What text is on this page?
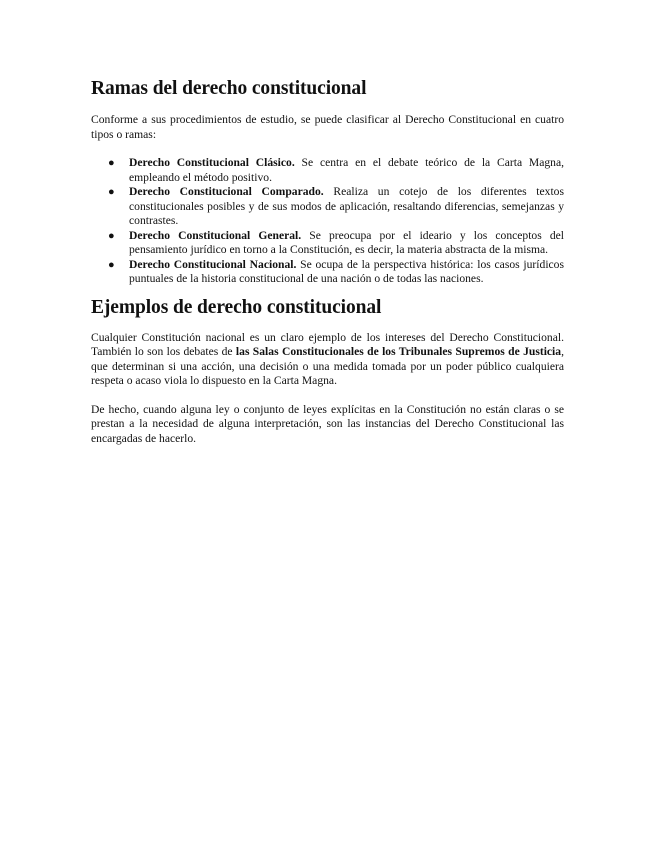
Ramas del derecho constitucional

Conforme a sus procedimientos de estudio, se puede clasificar al Derecho Constitucional en cuatro tipos o ramas:

● Derecho Constitucional Clásico. Se centra en el debate teórico de la Carta Magna, empleando el método positivo.
● Derecho Constitucional Comparado. Realiza un cotejo de los diferentes textos constitucionales posibles y de sus modos de aplicación, resaltando diferencias, semejanzas y contrastes.
● Derecho Constitucional General. Se preocupa por el ideario y los conceptos del pensamiento jurídico en torno a la Constitución, es decir, la materia abstracta de la misma.
● Derecho Constitucional Nacional. Se ocupa de la perspectiva histórica: los casos jurídicos puntuales de la historia constitucional de una nación o de todas las naciones.
Ejemplos de derecho constitucional

Cualquier Constitución nacional es un claro ejemplo de los intereses del Derecho Constitucional. También lo son los debates de las Salas Constitucionales de los Tribunales Supremos de Justicia, que determinan si una acción, una decisión o una medida tomada por un poder público cualquiera respeta o acaso viola lo dispuesto en la Carta Magna.

De hecho, cuando alguna ley o conjunto de leyes explícitas en la Constitución no están claras o se prestan a la necesidad de alguna interpretación, son las instancias del Derecho Constitucional las encargadas de hacerlo.
